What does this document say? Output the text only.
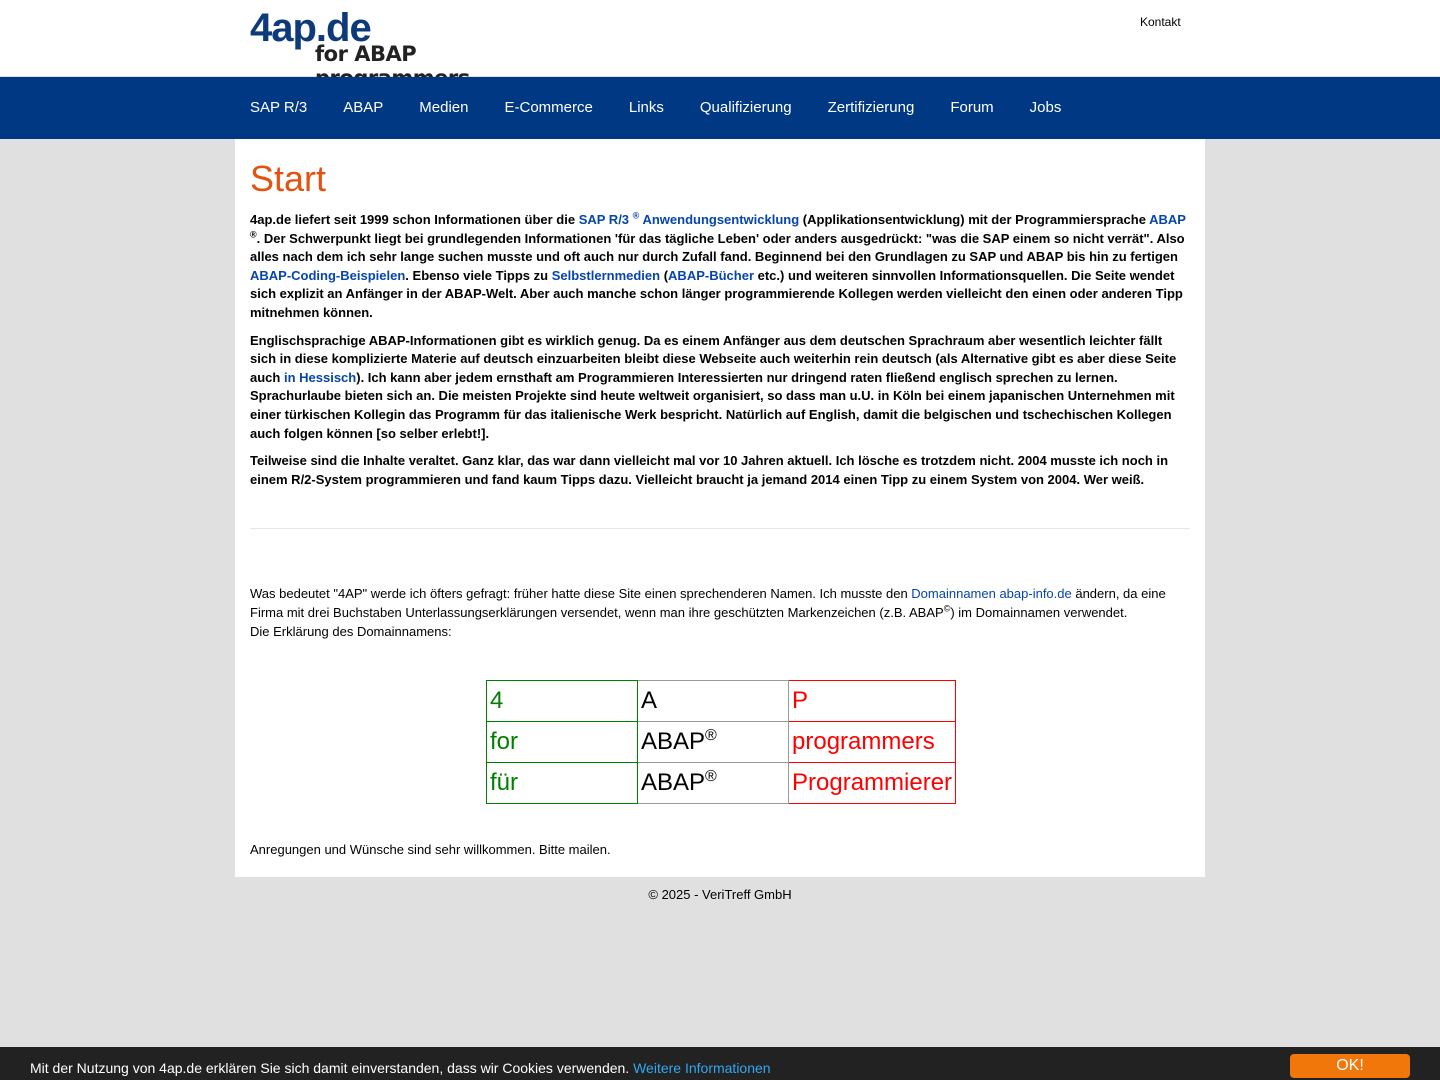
4ap.de
for ABAP
Kontakt
SAP R/3 ABAP Medien E-Commerce Links Qualifizierung Zertifizierung Forum Jobs
Start

4ap.de liefert seit 1999 schon Informationen über die SAP R/3 ® Anwendungsentwicklung (Applikationsentwicklung) mit der Programmiersprache ABAP ®. Der Schwerpunkt liegt bei grundlegenden Informationen 'für das tägliche Leben' oder anders ausgedrückt: "was die SAP einem so nicht verrät". Also alles nach dem ich sehr lange suchen musste und oft auch nur durch Zufall fand. Beginnend bei den Grundlagen zu SAP und ABAP bis hin zu fertigen ABAP-Coding-Beispielen. Ebenso viele Tipps zu Selbstlernmedien (ABAP-Bücher etc.) und weiteren sinnvollen Informationsquellen. Die Seite wendet sich explizit an Anfänger in der ABAP-Welt. Aber auch manche schon länger programmierende Kollegen werden vielleicht den einen oder anderen Tipp mitnehmen können.

Englischsprachige ABAP-Informationen gibt es wirklich genug. Da es einem Anfänger aus dem deutschen Sprachraum aber wesentlich leichter fällt sich in diese komplizierte Materie auf deutsch einzuarbeiten bleibt diese Webseite auch weiterhin rein deutsch (als Alternative gibt es aber diese Seite auch in Hessisch). Ich kann aber jedem ernsthaft am Programmieren Interessierten nur dringend raten fließend englisch sprechen zu lernen. Sprachurlaube bieten sich an. Die meisten Projekte sind heute weltweit organisiert, so dass man u.U. in Köln bei einem japanischen Unternehmen mit einer türkischen Kollegin das Programm für das italienische Werk bespricht. Natürlich auf English, damit die belgischen und tschechischen Kollegen auch folgen können [so selber erlebt!].

Teilweise sind die Inhalte veraltet. Ganz klar, das war dann vielleicht mal vor 10 Jahren aktuell. Ich lösche es trotzdem nicht. 2004 musste ich noch in einem R/2-System programmieren und fand kaum Tipps dazu. Vielleicht braucht ja jemand 2014 einen Tipp zu einem System von 2004. Wer weiß.

Was bedeutet "4AP" werde ich öfters gefragt: früher hatte diese Site einen sprechenderen Namen. Ich musste den Domainnamen abap-info.de ändern, da eine Firma mit drei Buchstaben Unterlassungserklärungen versendet, wenn man ihre geschützten Markenzeichen (z.B. ABAP©) im Domainnamen verwendet.
Die Erklärung des Domainnamens:

4	A	P
for	ABAP®	programmers
für	ABAP®	Programmierer
Anregungen und Wünsche sind sehr willkommen. Bitte mailen.
© 2025 - VeriTreff GmbH
Mit der Nutzung von 4ap.de erklären Sie sich damit einverstanden, dass wir Cookies verwenden. Weitere Informationen	OK!
